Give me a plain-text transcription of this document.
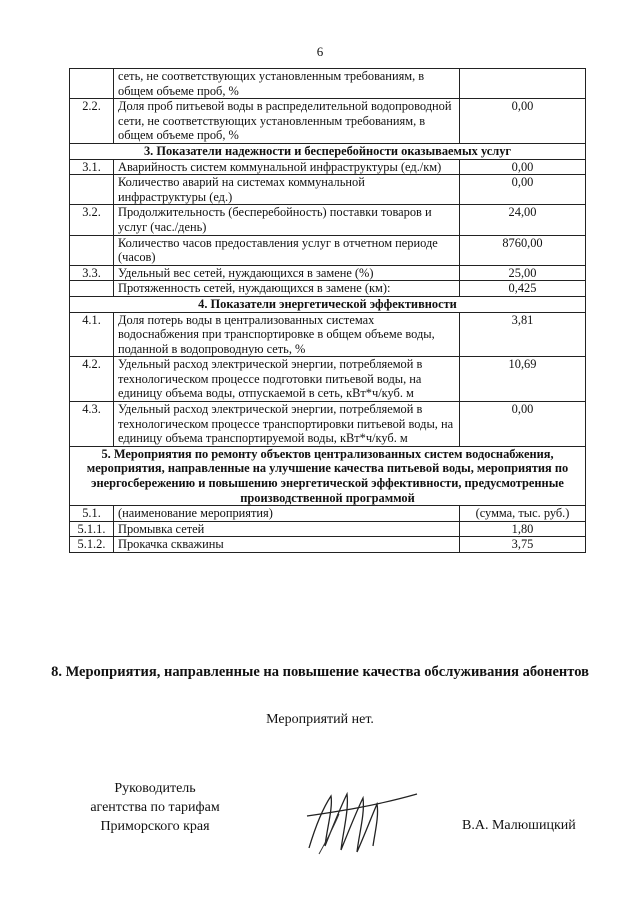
6
	сеть, не соответствующих установленным требованиям, в общем объеме проб, %	
2.2.	Доля проб питьевой воды в распределительной водопроводной сети, не соответствующих установленным требованиям, в общем объеме проб, %	0,00
3. Показатели надежности и бесперебойности оказываемых услуг		
3.1.	Аварийность систем коммунальной инфраструктуры (ед./км)	0,00
	Количество аварий на системах коммунальной инфраструктуры (ед.)	0,00
3.2.	Продолжительность (бесперебойность) поставки товаров и услуг (час./день)	24,00
	Количество часов предоставления услуг в отчетном периоде (часов)	8760,00
3.3.	Удельный вес сетей, нуждающихся в замене (%)	25,00
	Протяженность сетей, нуждающихся в замене (км):	0,425
4. Показатели энергетической эффективности		
4.1.	Доля потерь воды в централизованных системах водоснабжения при транспортировке в общем объеме воды, поданной в водопроводную сеть, %	3,81
4.2.	Удельный расход электрической энергии, потребляемой в технологическом процессе подготовки питьевой воды, на единицу объема воды, отпускаемой в сеть, кВт*ч/куб. м	10,69
4.3.	Удельный расход электрической энергии, потребляемой в технологическом процессе транспортировки питьевой воды, на единицу объема транспортируемой воды, кВт*ч/куб. м	0,00
5. Мероприятия по ремонту объектов централизованных систем водоснабжения, мероприятия, направленные на улучшение качества питьевой воды, мероприятия по энергосбережению и повышению энергетической эффективности, предусмотренные производственной программой		
5.1.	(наименование мероприятия)	(сумма, тыс. руб.)
5.1.1.	Промывка сетей	1,80
5.1.2.	Прокачка скважины	3,75
8. Мероприятия, направленные на повышение качества обслуживания абонентов
Мероприятий нет.
Руководитель
агентства по тарифам
Приморского края	В.А. Малюшицкий
